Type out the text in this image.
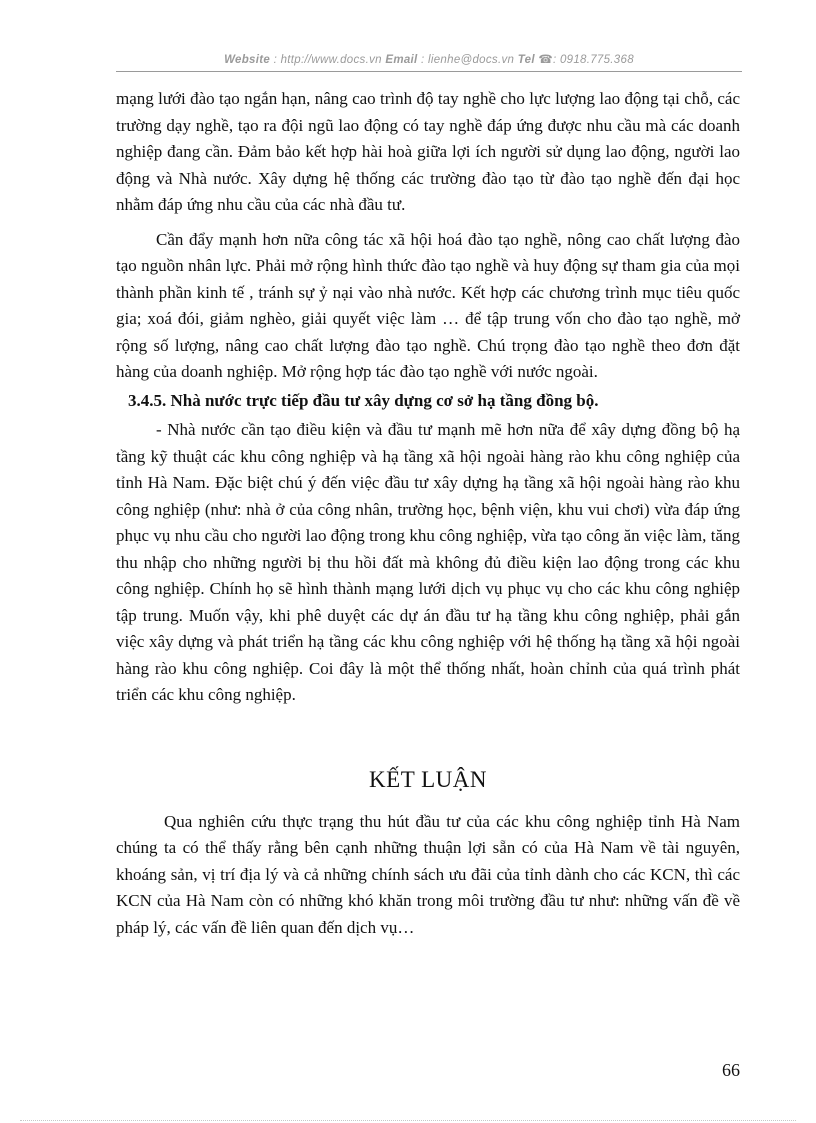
Website : http://www.docs.vn Email : lienhe@docs.vn Tel ☎: 0918.775.368

mạng lưới đào tạo ngắn hạn, nâng cao trình độ tay nghề cho lực lượng lao động tại chỗ, các trường dạy nghề, tạo ra đội ngũ lao động có tay nghề đáp ứng được nhu cầu mà các doanh nghiệp đang cần. Đảm bảo kết hợp hài hoà giữa lợi ích người sử dụng lao động, người lao động và Nhà nước. Xây dựng hệ thống các trường đào tạo từ đào tạo nghề đến đại học nhằm đáp ứng nhu cầu của các nhà đầu tư.

Cần đẩy mạnh hơn nữa công tác xã hội hoá đào tạo nghề, nông cao chất lượng đào tạo nguồn nhân lực. Phải mở rộng hình thức đào tạo nghề và huy động sự tham gia của mọi thành phần kinh tế , tránh sự ỷ nại vào nhà nước. Kết hợp các chương trình mục tiêu quốc gia; xoá đói, giảm nghèo, giải quyết việc làm … để tập trung vốn cho đào tạo nghề, mở rộng số lượng, nâng cao chất lượng đào tạo nghề. Chú trọng đào tạo nghề theo đơn đặt hàng của doanh nghiệp. Mở rộng hợp tác đào tạo nghề với nước ngoài.

3.4.5. Nhà nước trực tiếp đầu tư xây dựng cơ sở hạ tầng đồng bộ.

- Nhà nước cần tạo điều kiện và đầu tư mạnh mẽ hơn nữa để xây dựng đồng bộ hạ tầng kỹ thuật các khu công nghiệp và hạ tầng xã hội ngoài hàng rào khu công nghiệp của tỉnh Hà Nam. Đặc biệt chú ý đến việc đầu tư xây dựng hạ tầng xã hội ngoài hàng rào khu công nghiệp (như: nhà ở của công nhân, trường học, bệnh viện, khu vui chơi) vừa đáp ứng phục vụ nhu cầu cho người lao động trong khu công nghiệp, vừa tạo công ăn việc làm, tăng thu nhập cho những người bị thu hồi đất mà không đủ điều kiện lao động trong các khu công nghiệp. Chính họ sẽ hình thành mạng lưới dịch vụ phục vụ cho các khu công nghiệp tập trung. Muốn vậy, khi phê duyệt các dự án đầu tư hạ tầng khu công nghiệp, phải gắn việc xây dựng và phát triển hạ tầng các khu công nghiệp với hệ thống hạ tầng xã hội ngoài hàng rào khu công nghiệp. Coi đây là một thể thống nhất, hoàn chỉnh của quá trình phát triển các khu công nghiệp.

KẾT LUẬN

Qua nghiên cứu thực trạng thu hút đầu tư của các khu công nghiệp tỉnh Hà Nam chúng ta có thể thấy rằng bên cạnh những thuận lợi sẵn có của Hà Nam về tài nguyên, khoáng sản, vị trí địa lý và cả những chính sách ưu đãi của tỉnh dành cho các KCN, thì các KCN của Hà Nam còn có những khó khăn trong môi trường đầu tư như: những vấn đề về pháp lý, các vấn đề liên quan đến dịch vụ…

66
